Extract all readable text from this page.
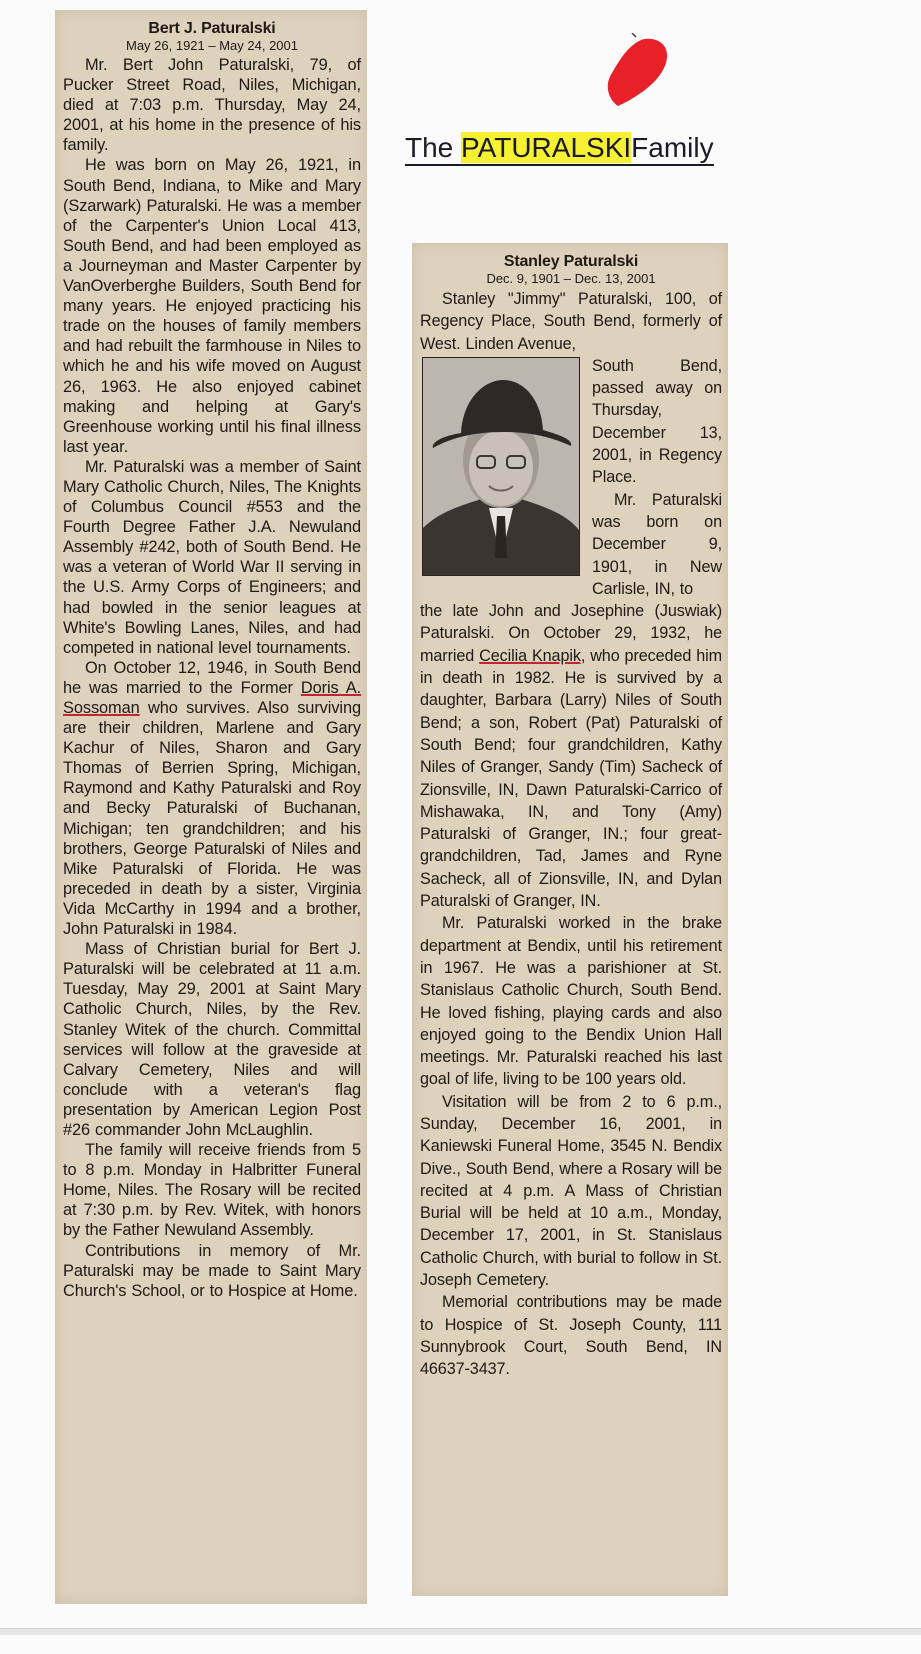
The PATURALSKIFamily
Bert J. Paturalski
May 26, 1921 – May 24, 2001

Mr. Bert John Paturalski, 79, of Pucker Street Road, Niles, Michigan, died at 7:03 p.m. Thursday, May 24, 2001, at his home in the presence of his family.

He was born on May 26, 1921, in South Bend, Indiana, to Mike and Mary (Szarwark) Paturalski. He was a member of the Carpenter's Union Local 413, South Bend, and had been employed as a Journeyman and Master Carpenter by VanOverberghe Builders, South Bend for many years. He enjoyed practicing his trade on the houses of family members and had rebuilt the farmhouse in Niles to which he and his wife moved on August 26, 1963. He also enjoyed cabinet making and helping at Gary's Greenhouse working until his final illness last year.

Mr. Paturalski was a member of Saint Mary Catholic Church, Niles, The Knights of Columbus Council #553 and the Fourth Degree Father J.A. Newuland Assembly #242, both of South Bend. He was a veteran of World War II serving in the U.S. Army Corps of Engineers; and had bowled in the senior leagues at White's Bowling Lanes, Niles, and had competed in national level tournaments.

On October 12, 1946, in South Bend he was married to the Former Doris A. Sossoman who survives. Also surviving are their children, Marlene and Gary Kachur of Niles, Sharon and Gary Thomas of Berrien Spring, Michigan, Raymond and Kathy Paturalski and Roy and Becky Paturalski of Buchanan, Michigan; ten grandchildren; and his brothers, George Paturalski of Niles and Mike Paturalski of Florida. He was preceded in death by a sister, Virginia Vida McCarthy in 1994 and a brother, John Paturalski in 1984.

Mass of Christian burial for Bert J. Paturalski will be celebrated at 11 a.m. Tuesday, May 29, 2001 at Saint Mary Catholic Church, Niles, by the Rev. Stanley Witek of the church. Committal services will follow at the graveside at Calvary Cemetery, Niles and will conclude with a veteran's flag presentation by American Legion Post #26 commander John McLaughlin.

The family will receive friends from 5 to 8 p.m. Monday in Halbritter Funeral Home, Niles. The Rosary will be recited at 7:30 p.m. by Rev. Witek, with honors by the Father Newuland Assembly.

Contributions in memory of Mr. Paturalski may be made to Saint Mary Church's School, or to Hospice at Home.

Stanley Paturalski
Dec. 9, 1901 – Dec. 13, 2001

Stanley "Jimmy" Paturalski, 100, of Regency Place, South Bend, formerly of West. Linden Avenue,

South Bend, passed away on Thursday, December 13, 2001, in Regency Place.

Mr. Paturalski was born on December 9, 1901, in New Carlisle, IN, to

the late John and Josephine (Juswiak) Paturalski. On October 29, 1932, he married Cecilia Knapik, who preceded him in death in 1982. He is survived by a daughter, Barbara (Larry) Niles of South Bend; a son, Robert (Pat) Paturalski of South Bend; four grandchildren, Kathy Niles of Granger, Sandy (Tim) Sacheck of Zionsville, IN, Dawn Paturalski-Carrico of Mishawaka, IN, and Tony (Amy) Paturalski of Granger, IN.; four great-grandchildren, Tad, James and Ryne Sacheck, all of Zionsville, IN, and Dylan Paturalski of Granger, IN.

Mr. Paturalski worked in the brake department at Bendix, until his retirement in 1967. He was a parishioner at St. Stanislaus Catholic Church, South Bend. He loved fishing, playing cards and also enjoyed going to the Bendix Union Hall meetings. Mr. Paturalski reached his last goal of life, living to be 100 years old.

Visitation will be from 2 to 6 p.m., Sunday, December 16, 2001, in Kaniewski Funeral Home, 3545 N. Bendix Dive., South Bend, where a Rosary will be recited at 4 p.m. A Mass of Christian Burial will be held at 10 a.m., Monday, December 17, 2001, in St. Stanislaus Catholic Church, with burial to follow in St. Joseph Cemetery.

Memorial contributions may be made to Hospice of St. Joseph County, 111 Sunnybrook Court, South Bend, IN 46637-3437.
